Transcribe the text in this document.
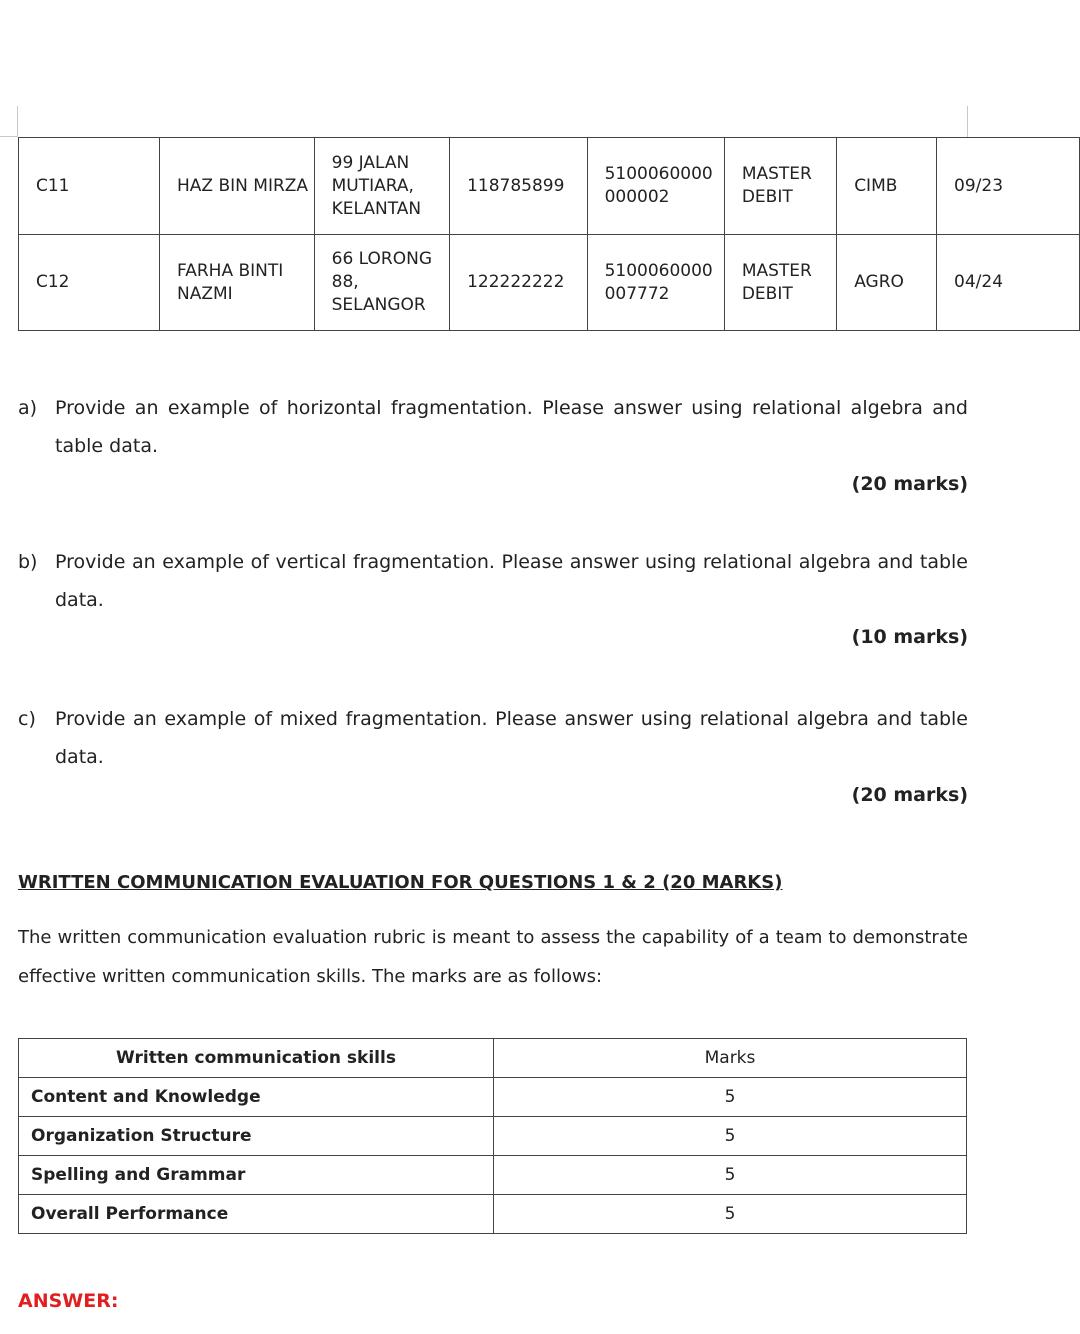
C11	HAZ BIN MIRZA	99 JALAN MUTIARA, KELANTAN	118785899	5100060000 000002	MASTER DEBIT	CIMB	09/23
C12	FARHA BINTI NAZMI	66 LORONG 88, SELANGOR	122222222	5100060000 007772	MASTER DEBIT	AGRO	04/24
a) Provide an example of horizontal fragmentation. Please answer using relational algebra and table data.
(20 marks)
b) Provide an example of vertical fragmentation. Please answer using relational algebra and table data.
(10 marks)
c) Provide an example of mixed fragmentation. Please answer using relational algebra and table data.
(20 marks)
WRITTEN COMMUNICATION EVALUATION FOR QUESTIONS 1 & 2 (20 MARKS)
The written communication evaluation rubric is meant to assess the capability of a team to demonstrate effective written communication skills. The marks are as follows:
Written communication skills	Marks
Content and Knowledge	5
Organization Structure	5
Spelling and Grammar	5
Overall Performance	5
ANSWER:
